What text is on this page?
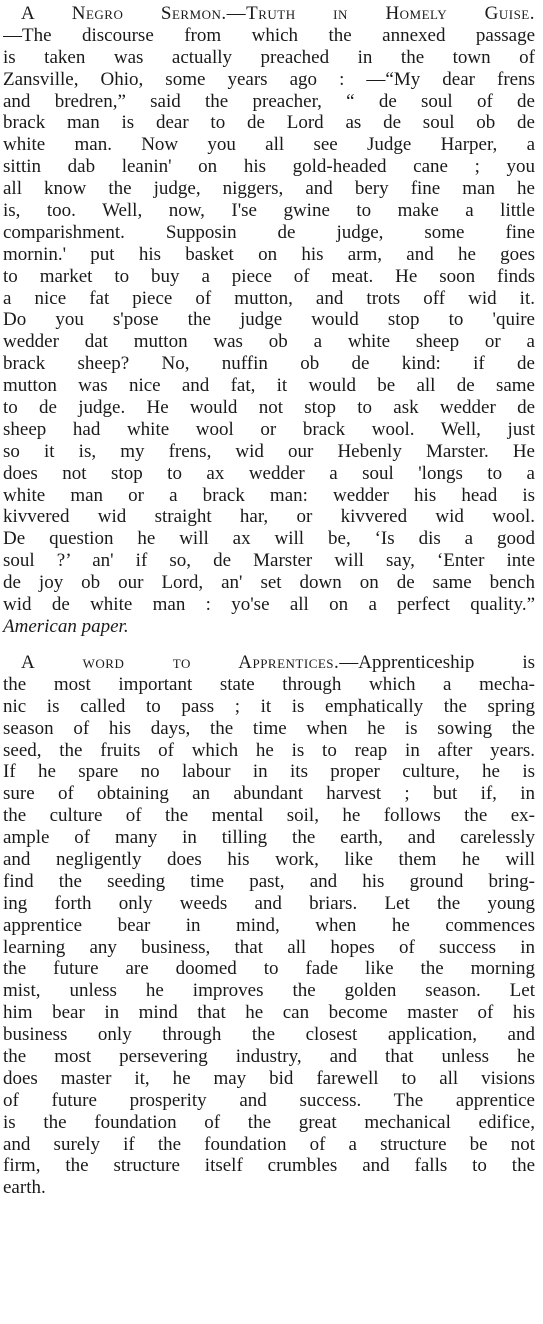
A Negro Sermon.—Truth in Homely Guise.
—The discourse from which the annexed passage
is taken was actually preached in the town of
Zansville, Ohio, some years ago : —“My dear frens
and bredren,” said the preacher, “ de soul of de
brack man is dear to de Lord as de soul ob de
white man. Now you all see Judge Harper, a
sittin dab leanin' on his gold-headed cane ; you
all know the judge, niggers, and bery fine man he
is, too. Well, now, I'se gwine to make a little
comparishment. Supposin de judge, some fine
mornin.' put his basket on his arm, and he goes
to market to buy a piece of meat. He soon finds
a nice fat piece of mutton, and trots off wid it.
Do you s'pose the judge would stop to 'quire
wedder dat mutton was ob a white sheep or a
brack sheep? No, nuffin ob de kind: if de
mutton was nice and fat, it would be all de same
to de judge. He would not stop to ask wedder de
sheep had white wool or brack wool. Well, just
so it is, my frens, wid our Hebenly Marster. He
does not stop to ax wedder a soul 'longs to a
white man or a brack man: wedder his head is
kivvered wid straight har, or kivvered wid wool.
De question he will ax will be, ‘Is dis a good
soul ?’ an' if so, de Marster will say, ‘Enter inte
de joy ob our Lord, an' set down on de same bench
wid de white man : yo'se all on a perfect quality.”
American paper.
A word to Apprentices.—Apprenticeship is
the most important state through which a mecha-
nic is called to pass ; it is emphatically the spring
season of his days, the time when he is sowing the
seed, the fruits of which he is to reap in after years.
If he spare no labour in its proper culture, he is
sure of obtaining an abundant harvest ; but if, in
the culture of the mental soil, he follows the ex-
ample of many in tilling the earth, and carelessly
and negligently does his work, like them he will
find the seeding time past, and his ground bring-
ing forth only weeds and briars. Let the young
apprentice bear in mind, when he commences
learning any business, that all hopes of success in
the future are doomed to fade like the morning
mist, unless he improves the golden season. Let
him bear in mind that he can become master of his
business only through the closest application, and
the most persevering industry, and that unless he
does master it, he may bid farewell to all visions
of future prosperity and success. The apprentice
is the foundation of the great mechanical edifice,
and surely if the foundation of a structure be not
firm, the structure itself crumbles and falls to the
earth.
